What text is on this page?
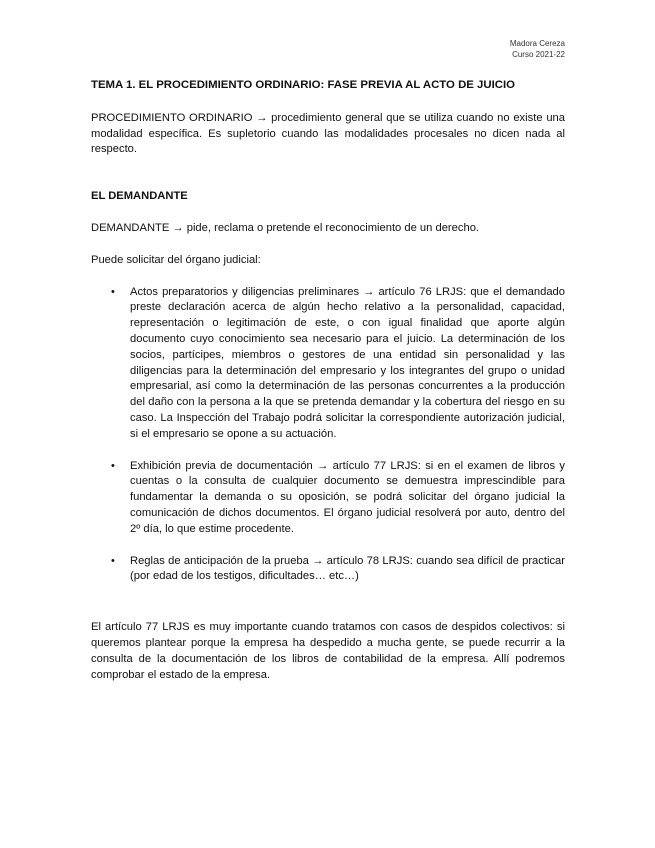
Madora Cereza
Curso 2021-22
TEMA 1. EL PROCEDIMIENTO ORDINARIO: FASE PREVIA AL ACTO DE JUICIO

PROCEDIMIENTO ORDINARIO → procedimiento general que se utiliza cuando no existe una modalidad específica. Es supletorio cuando las modalidades procesales no dicen nada al respecto.

EL DEMANDANTE

DEMANDANTE → pide, reclama o pretende el reconocimiento de un derecho.

Puede solicitar del órgano judicial:

• Actos preparatorios y diligencias preliminares → artículo 76 LRJS: que el demandado preste declaración acerca de algún hecho relativo a la personalidad, capacidad, representación o legitimación de este, o con igual finalidad que aporte algún documento cuyo conocimiento sea necesario para el juicio. La determinación de los socios, partícipes, miembros o gestores de una entidad sin personalidad y las diligencias para la determinación del empresario y los integrantes del grupo o unidad empresarial, así como la determinación de las personas concurrentes a la producción del daño con la persona a la que se pretenda demandar y la cobertura del riesgo en su caso. La Inspección del Trabajo podrá solicitar la correspondiente autorización judicial, si el empresario se opone a su actuación.
• Exhibición previa de documentación → artículo 77 LRJS: si en el examen de libros y cuentas o la consulta de cualquier documento se demuestra imprescindible para fundamentar la demanda o su oposición, se podrá solicitar del órgano judicial la comunicación de dichos documentos. El órgano judicial resolverá por auto, dentro del 2º día, lo que estime procedente.
• Reglas de anticipación de la prueba → artículo 78 LRJS: cuando sea difícil de practicar (por edad de los testigos, dificultades… etc…)

El artículo 77 LRJS es muy importante cuando tratamos con casos de despidos colectivos: si queremos plantear porque la empresa ha despedido a mucha gente, se puede recurrir a la consulta de la documentación de los libros de contabilidad de la empresa. Allí podremos comprobar el estado de la empresa.
